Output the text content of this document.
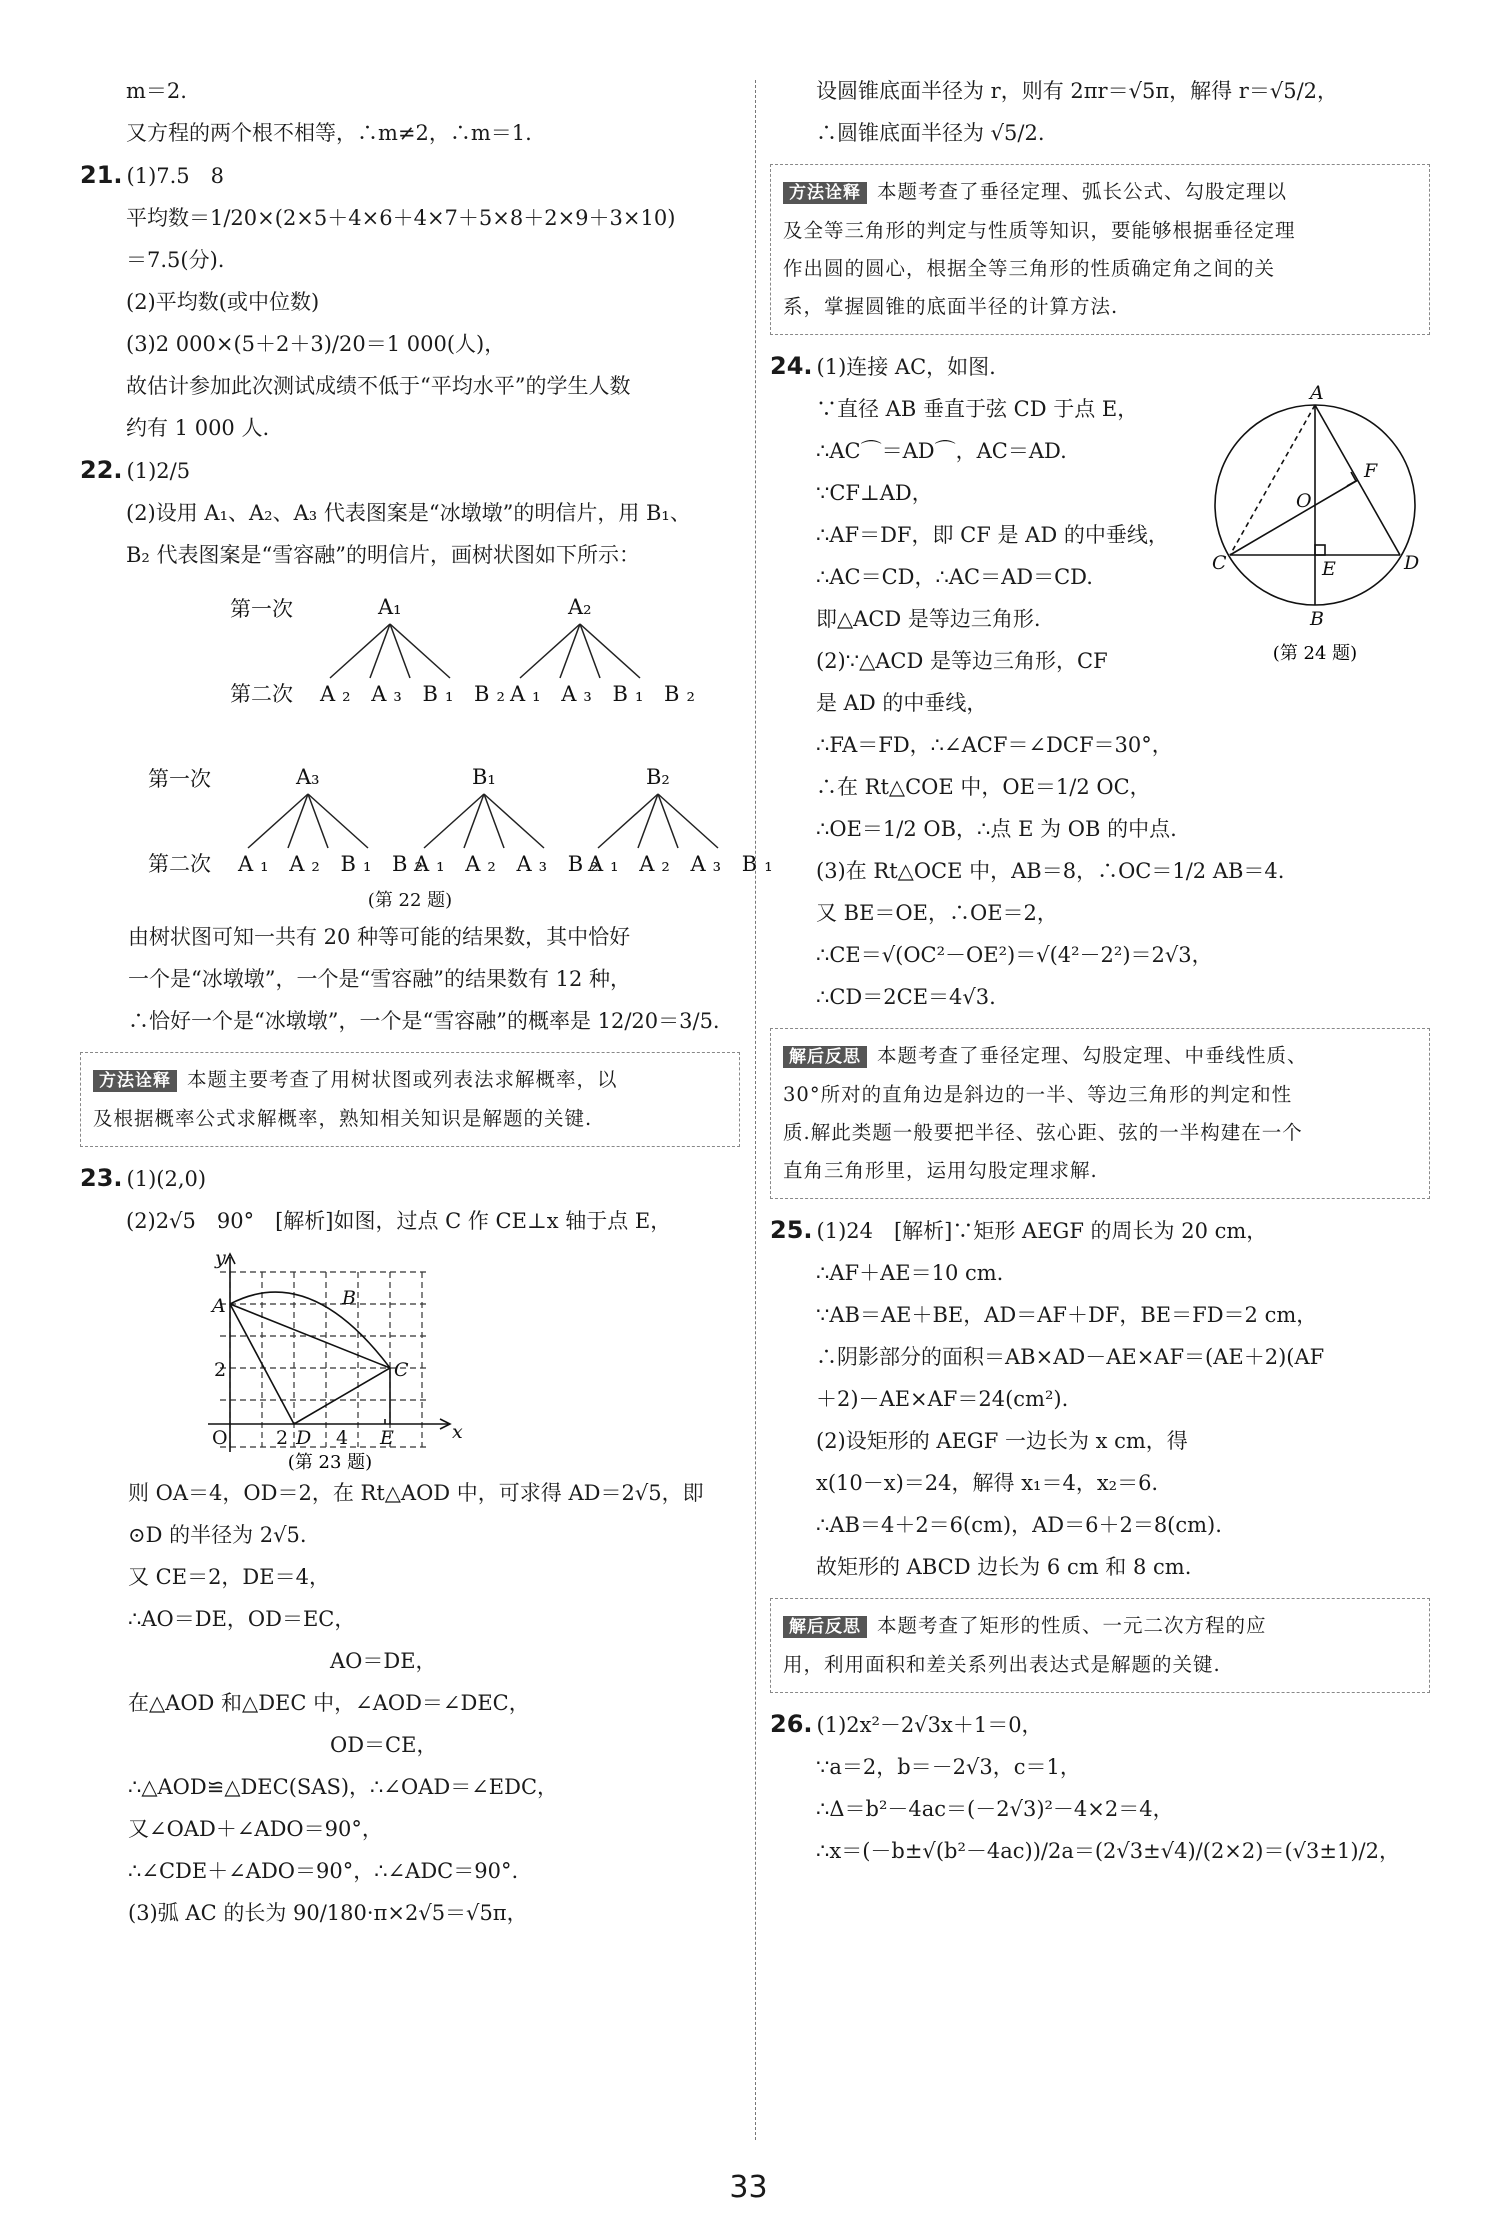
m＝2.
又方程的两个根不相等，∴m≠2，∴m＝1.
21. (1)7.5　8
平均数＝1/20×(2×5＋4×6＋4×7＋5×8＋2×9＋3×10)
＝7.5(分).
(2)平均数(或中位数)
(3)2 000×(5＋2＋3)/20＝1 000(人)，
故估计参加此次测试成绩不低于“平均水平”的学生人数
约有 1 000 人.
22. (1)2/5
(2)设用 A₁、A₂、A₃ 代表图案是“冰墩墩”的明信片，用 B₁、
B₂ 代表图案是“雪容融”的明信片，画树状图如下所示：
第一次
第二次
A₁
A₂ A₃ B₁ B₂
A₂
A₁ A₃ B₁ B₂
第一次
第二次
A₃
A₁ A₂ B₁ B₂
B₁
A₁ A₂ A₃ B₂
B₂
A₁ A₂ A₃ B₁
(第 22 题)
由树状图可知一共有 20 种等可能的结果数，其中恰好
一个是“冰墩墩”，一个是“雪容融”的结果数有 12 种，
∴恰好一个是“冰墩墩”，一个是“雪容融”的概率是 12/20＝3/5.
方法诠释 本题主要考查了用树状图或列表法求解概率，以
及根据概率公式求解概率，熟知相关知识是解题的关键.
23. (1)(2,0)
(2)2√5　90°　[解析]如图，过点 C 作 CE⊥x 轴于点 E，
y
x
A	B
C
D	E
O
2
2	4
(第 23 题)
则 OA＝4，OD＝2，在 Rt△AOD 中，可求得 AD＝2√5，即
⊙D 的半径为 2√5.
又 CE＝2，DE＝4，
∴AO＝DE，OD＝EC，
AO＝DE，
在△AOD 和△DEC 中，∠AOD＝∠DEC，
OD＝CE，
∴△AOD≌△DEC(SAS)，∴∠OAD＝∠EDC，
又∠OAD＋∠ADO＝90°，
∴∠CDE＋∠ADO＝90°，∴∠ADC＝90°.
(3)弧 AC 的长为 90/180·π×2√5＝√5π，
设圆锥底面半径为 r，则有 2πr＝√5π，解得 r＝√5/2，
∴圆锥底面半径为 √5/2.
方法诠释 本题考查了垂径定理、弧长公式、勾股定理以
及全等三角形的判定与性质等知识，要能够根据垂径定理
作出圆的圆心，根据全等三角形的性质确定角之间的关
系，掌握圆锥的底面半径的计算方法.
A
B
C	D
E
F
O
(第 24 题)
24. (1)连接 AC，如图.
∵直径 AB 垂直于弦 CD 于点 E，
∴AC⌒＝AD⌒，AC＝AD.
∵CF⊥AD，
∴AF＝DF，即 CF 是 AD 的中垂线，
∴AC＝CD，∴AC＝AD＝CD.
即△ACD 是等边三角形.
(2)∵△ACD 是等边三角形，CF
是 AD 的中垂线，
∴FA＝FD，∴∠ACF＝∠DCF＝30°，
∴在 Rt△COE 中，OE＝1/2 OC，
∴OE＝1/2 OB，∴点 E 为 OB 的中点.
(3)在 Rt△OCE 中，AB＝8，∴OC＝1/2 AB＝4.
又 BE＝OE，∴OE＝2，
∴CE＝√(OC²－OE²)＝√(4²－2²)＝2√3，
∴CD＝2CE＝4√3.
解后反思 本题考查了垂径定理、勾股定理、中垂线性质、
30°所对的直角边是斜边的一半、等边三角形的判定和性
质.解此类题一般要把半径、弦心距、弦的一半构建在一个
直角三角形里，运用勾股定理求解.
25. (1)24　[解析]∵矩形 AEGF 的周长为 20 cm，
∴AF＋AE＝10 cm.
∵AB＝AE＋BE，AD＝AF＋DF，BE＝FD＝2 cm，
∴阴影部分的面积＝AB×AD－AE×AF＝(AE＋2)(AF
＋2)－AE×AF＝24(cm²).
(2)设矩形的 AEGF 一边长为 x cm，得
x(10－x)＝24，解得 x₁＝4，x₂＝6.
∴AB＝4＋2＝6(cm)，AD＝6＋2＝8(cm).
故矩形的 ABCD 边长为 6 cm 和 8 cm.
解后反思 本题考查了矩形的性质、一元二次方程的应
用，利用面积和差关系列出表达式是解题的关键.
26. (1)2x²－2√3x＋1＝0，
∵a＝2，b＝－2√3，c＝1，
∴Δ＝b²－4ac＝(－2√3)²－4×2＝4，
∴x＝(－b±√(b²－4ac))/2a＝(2√3±√4)/(2×2)＝(√3±1)/2，
33
